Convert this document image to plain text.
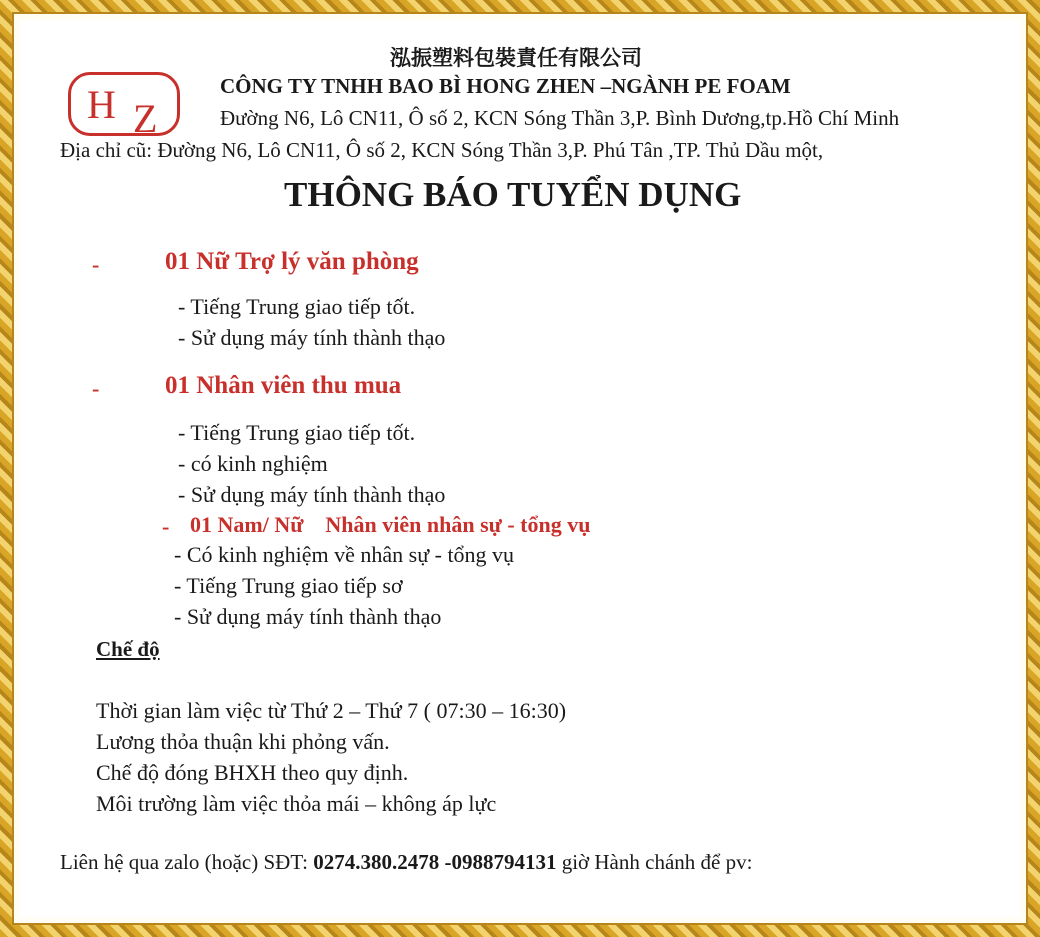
H Z
泓振塑料包裝責任有限公司
CÔNG TY TNHH BAO BÌ HONG ZHEN –NGÀNH PE FOAM
Đường N6, Lô CN11, Ô số 2, KCN Sóng Thần 3,P. Bình Dương,tp.Hồ Chí Minh
Địa chỉ cũ: Đường N6, Lô CN11, Ô số 2, KCN Sóng Thần 3,P. Phú Tân ,TP. Thủ Dầu một,
THÔNG BÁO TUYỂN DỤNG
-	01 Nữ Trợ lý văn phòng
- Tiếng Trung giao tiếp tốt.
- Sử dụng máy tính thành thạo
-	01 Nhân viên thu mua
- Tiếng Trung giao tiếp tốt.
- có kinh nghiệm
- Sử dụng máy tính thành thạo
- 01 Nam/ Nữ    Nhân viên nhân sự - tổng vụ
- Có kinh nghiệm về nhân sự - tổng vụ
- Tiếng Trung giao tiếp sơ
- Sử dụng máy tính thành thạo
Chế độ
Thời gian làm việc từ Thứ 2 – Thứ 7 ( 07:30 – 16:30)
Lương thỏa thuận khi phỏng vấn.
Chế độ đóng BHXH theo quy định.
Môi trường làm việc thỏa mái – không áp lực
Liên hệ qua zalo (hoặc) SĐT: 0274.380.2478 -0988794131 giờ Hành chánh để pv:
